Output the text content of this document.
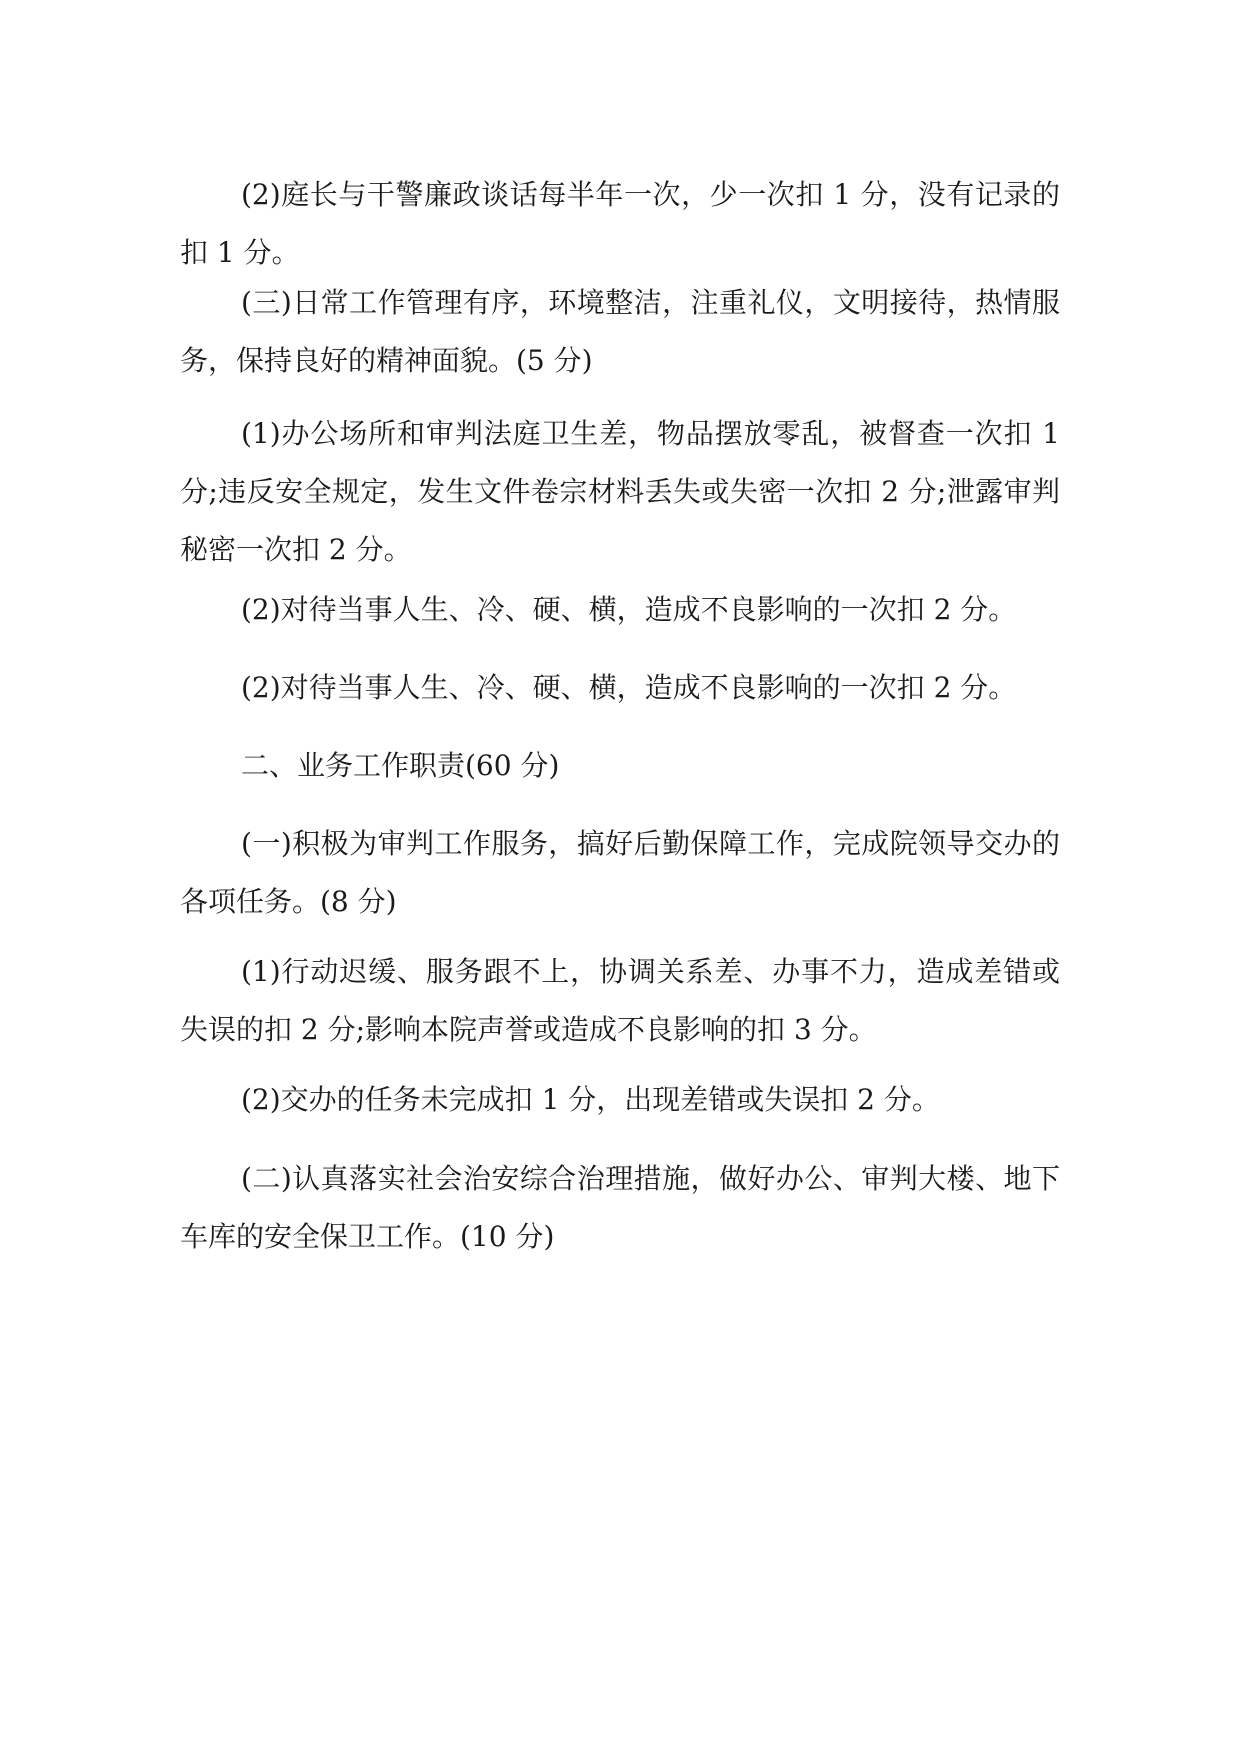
(2)庭长与干警廉政谈话每半年一次，少一次扣 1 分，没有记录的扣 1 分。

(三)日常工作管理有序，环境整洁，注重礼仪，文明接待，热情服务，保持良好的精神面貌。(5 分)

(1)办公场所和审判法庭卫生差，物品摆放零乱，被督查一次扣 1 分;违反安全规定，发生文件卷宗材料丢失或失密一次扣 2 分;泄露审判秘密一次扣 2 分。

(2)对待当事人生、冷、硬、横，造成不良影响的一次扣 2 分。

(2)对待当事人生、冷、硬、横，造成不良影响的一次扣 2 分。

二、业务工作职责(60 分)

(一)积极为审判工作服务，搞好后勤保障工作，完成院领导交办的各项任务。(8 分)

(1)行动迟缓、服务跟不上，协调关系差、办事不力，造成差错或失误的扣 2 分;影响本院声誉或造成不良影响的扣 3 分。

(2)交办的任务未完成扣 1 分，出现差错或失误扣 2 分。

(二)认真落实社会治安综合治理措施，做好办公、审判大楼、地下车库的安全保卫工作。(10 分)
